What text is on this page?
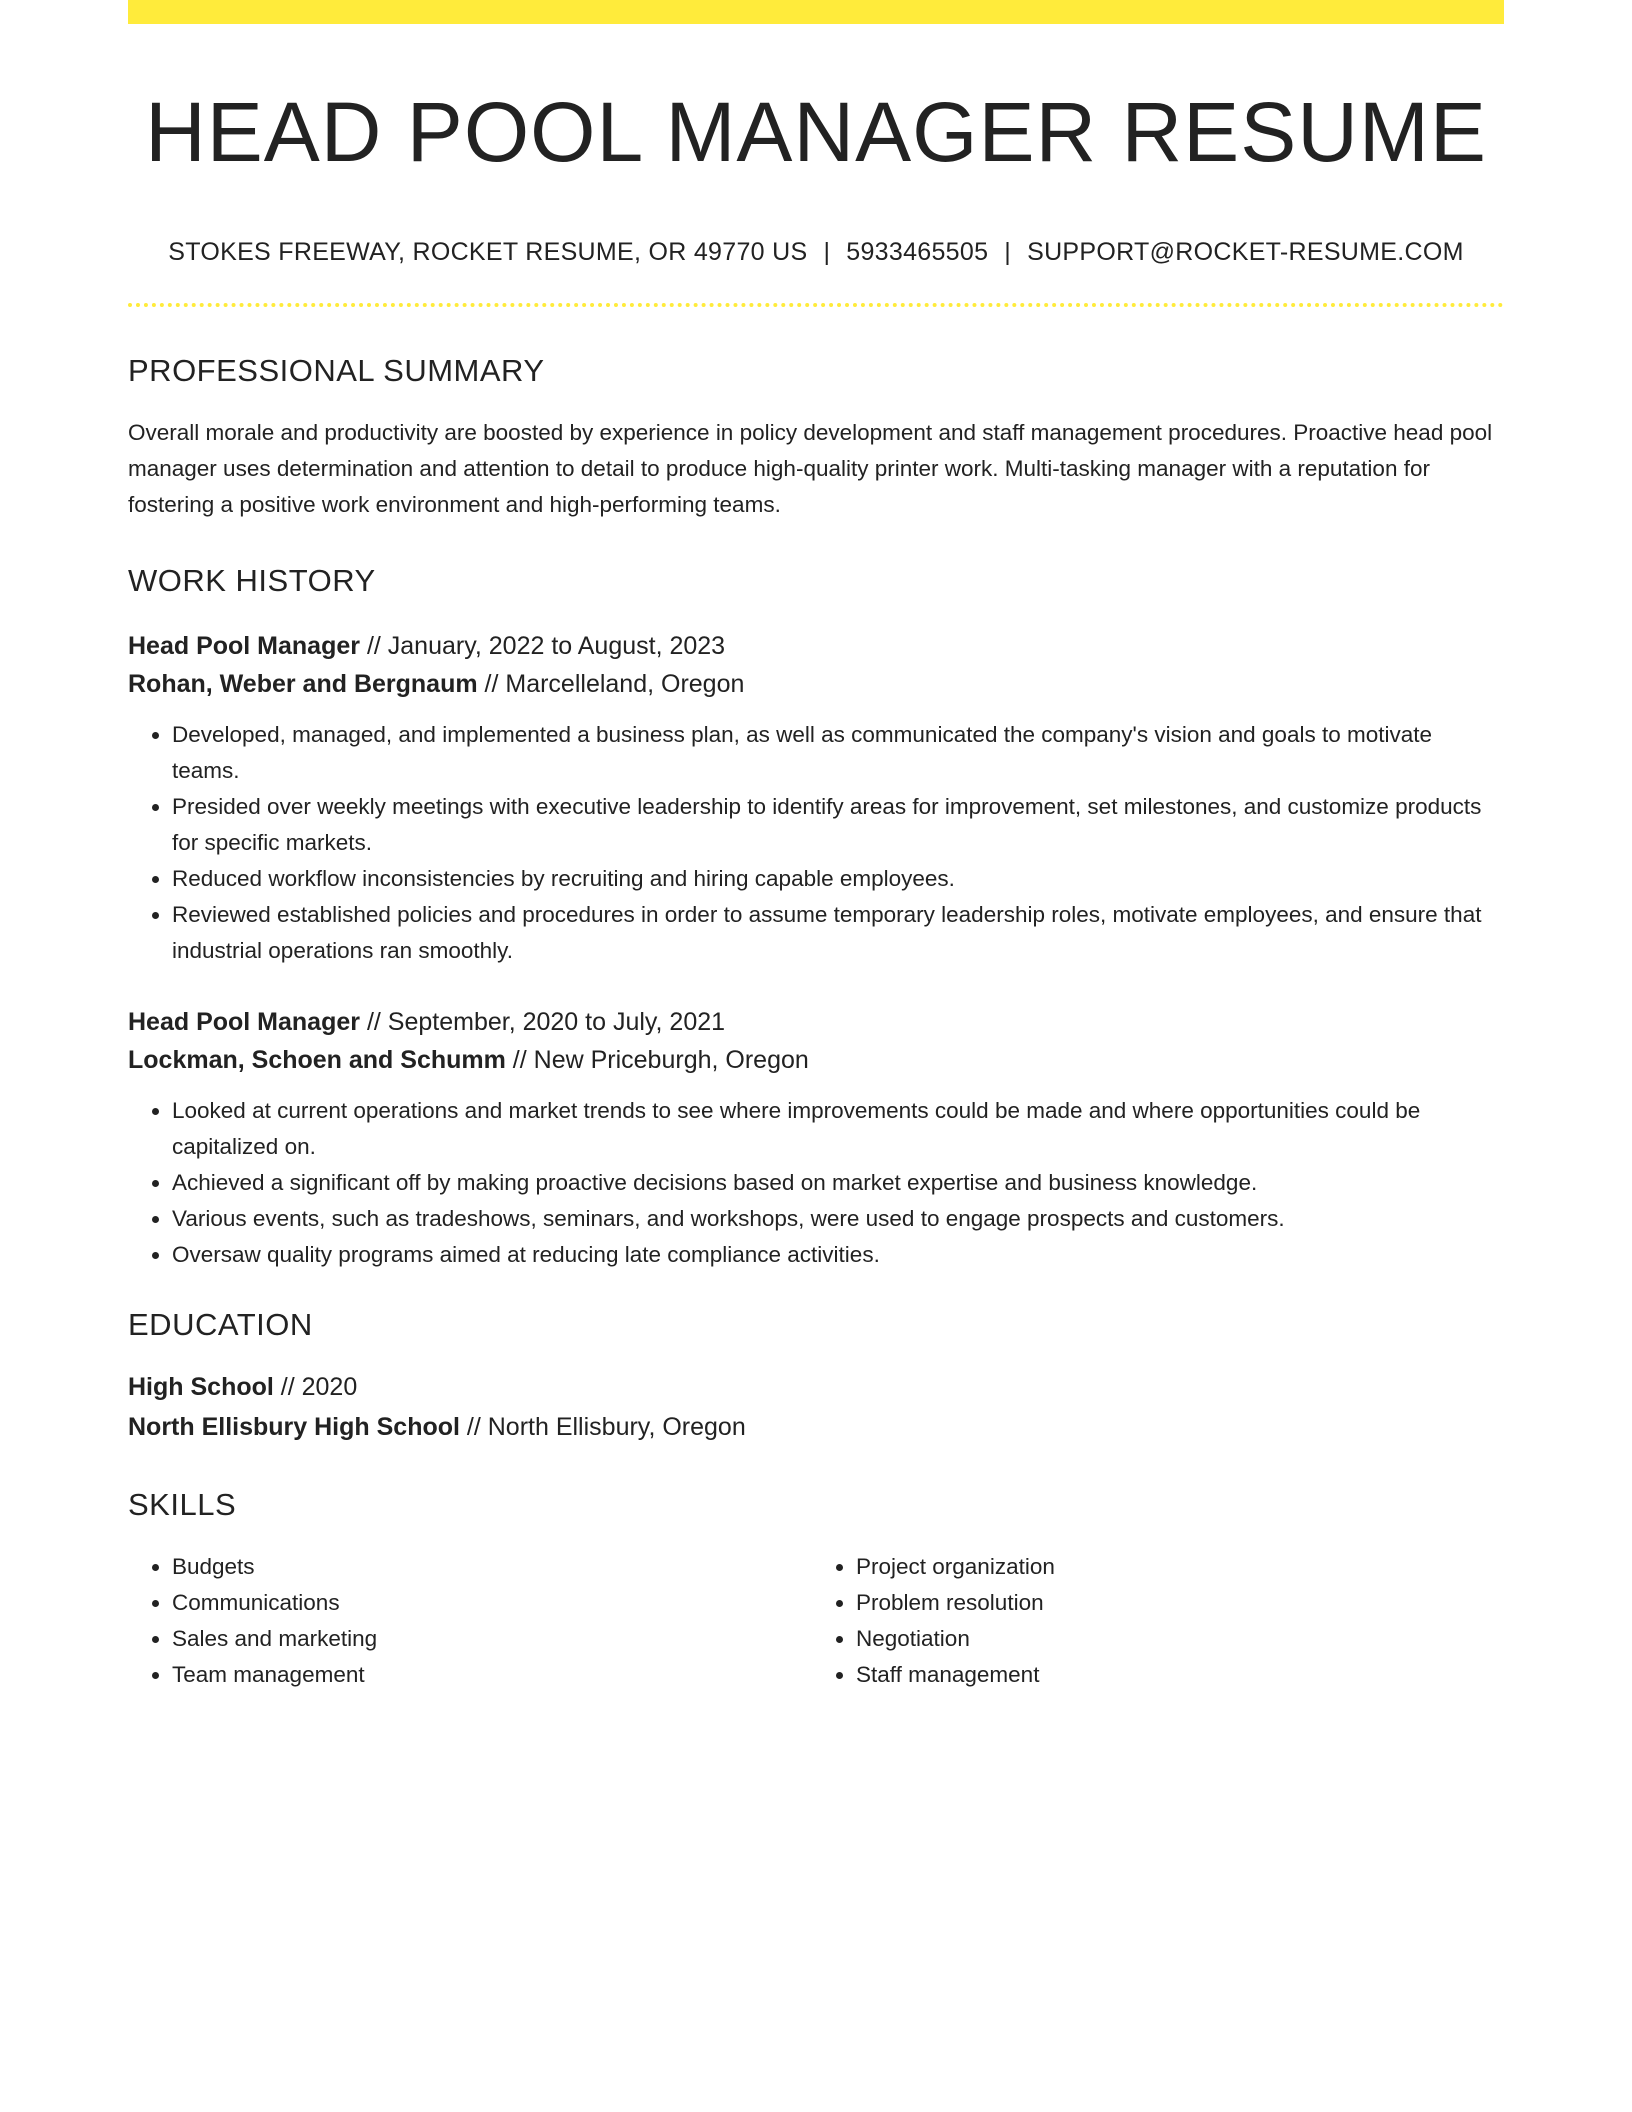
HEAD POOL MANAGER RESUME
STOKES FREEWAY, ROCKET RESUME, OR 49770 US | 5933465505 | SUPPORT@ROCKET-RESUME.COM
PROFESSIONAL SUMMARY
Overall morale and productivity are boosted by experience in policy development and staff management procedures. Proactive head pool manager uses determination and attention to detail to produce high-quality printer work. Multi-tasking manager with a reputation for fostering a positive work environment and high-performing teams.
WORK HISTORY
Head Pool Manager // January, 2022 to August, 2023
Rohan, Weber and Bergnaum // Marcelleland, Oregon
• Developed, managed, and implemented a business plan, as well as communicated the company's vision and goals to motivate teams.
• Presided over weekly meetings with executive leadership to identify areas for improvement, set milestones, and customize products for specific markets.
• Reduced workflow inconsistencies by recruiting and hiring capable employees.
• Reviewed established policies and procedures in order to assume temporary leadership roles, motivate employees, and ensure that industrial operations ran smoothly.
Head Pool Manager // September, 2020 to July, 2021
Lockman, Schoen and Schumm // New Priceburgh, Oregon
• Looked at current operations and market trends to see where improvements could be made and where opportunities could be capitalized on.
• Achieved a significant off by making proactive decisions based on market expertise and business knowledge.
• Various events, such as tradeshows, seminars, and workshops, were used to engage prospects and customers.
• Oversaw quality programs aimed at reducing late compliance activities.
EDUCATION
High School // 2020
North Ellisbury High School // North Ellisbury, Oregon
SKILLS
• Budgets
• Communications
• Sales and marketing
• Team management
• Project organization
• Problem resolution
• Negotiation
• Staff management
